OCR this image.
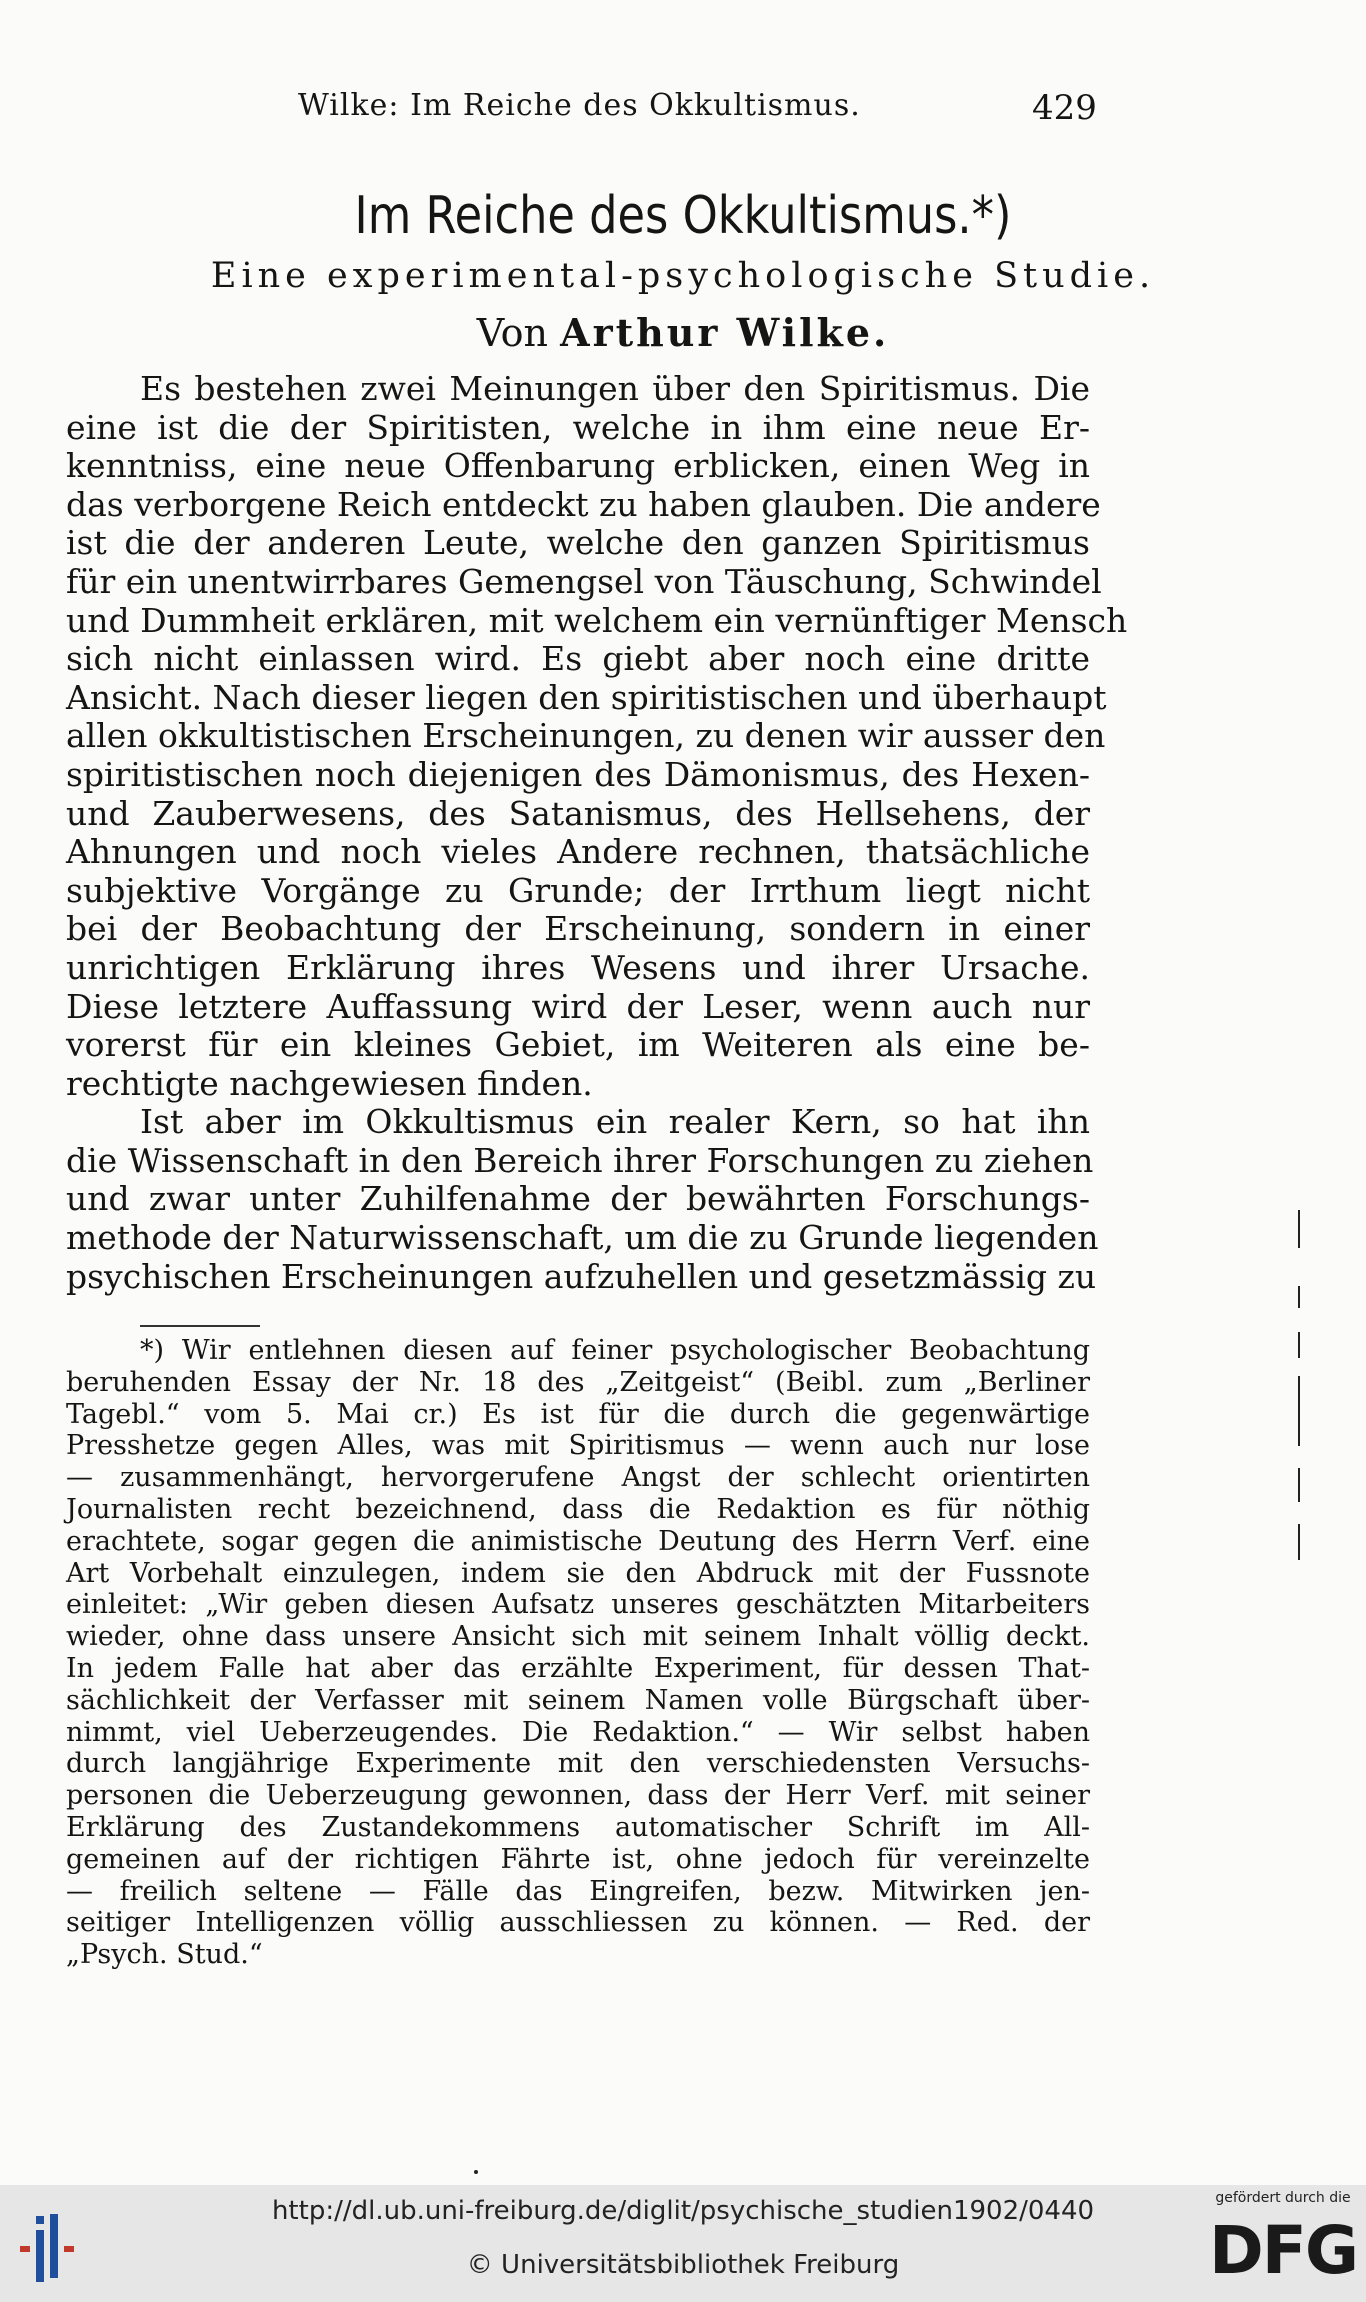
Wilke: Im Reiche des Okkultismus.	429
Im Reiche des Okkultismus.*)
Eine experimental-psychologische Studie.
Von Arthur Wilke.
Es bestehen zwei Meinungen über den Spiritismus. Die
eine ist die der Spiritisten, welche in ihm eine neue Er-
kenntniss, eine neue Offenbarung erblicken, einen Weg in
das verborgene Reich entdeckt zu haben glauben. Die andere
ist die der anderen Leute, welche den ganzen Spiritismus
für ein unentwirrbares Gemengsel von Täuschung, Schwindel
und Dummheit erklären, mit welchem ein vernünftiger Mensch
sich nicht einlassen wird. Es giebt aber noch eine dritte
Ansicht. Nach dieser liegen den spiritistischen und überhaupt
allen okkultistischen Erscheinungen, zu denen wir ausser den
spiritistischen noch diejenigen des Dämonismus, des Hexen-
und Zauberwesens, des Satanismus, des Hellsehens, der
Ahnungen und noch vieles Andere rechnen, thatsächliche
subjektive Vorgänge zu Grunde; der Irrthum liegt nicht
bei der Beobachtung der Erscheinung, sondern in einer
unrichtigen Erklärung ihres Wesens und ihrer Ursache.
Diese letztere Auffassung wird der Leser, wenn auch nur
vorerst für ein kleines Gebiet, im Weiteren als eine be-
rechtigte nachgewiesen finden.
Ist aber im Okkultismus ein realer Kern, so hat ihn
die Wissenschaft in den Bereich ihrer Forschungen zu ziehen
und zwar unter Zuhilfenahme der bewährten Forschungs-
methode der Naturwissenschaft, um die zu Grunde liegenden
psychischen Erscheinungen aufzuhellen und gesetzmässig zu
*) Wir entlehnen diesen auf feiner psychologischer Beobachtung
beruhenden Essay der Nr. 18 des „Zeitgeist“ (Beibl. zum „Berliner
Tagebl.“ vom 5. Mai cr.) Es ist für die durch die gegenwärtige
Presshetze gegen Alles, was mit Spiritismus — wenn auch nur lose
— zusammenhängt, hervorgerufene Angst der schlecht orientirten
Journalisten recht bezeichnend, dass die Redaktion es für nöthig
erachtete, sogar gegen die animistische Deutung des Herrn Verf. eine
Art Vorbehalt einzulegen, indem sie den Abdruck mit der Fussnote
einleitet: „Wir geben diesen Aufsatz unseres geschätzten Mitarbeiters
wieder, ohne dass unsere Ansicht sich mit seinem Inhalt völlig deckt.
In jedem Falle hat aber das erzählte Experiment, für dessen That-
sächlichkeit der Verfasser mit seinem Namen volle Bürgschaft über-
nimmt, viel Ueberzeugendes. Die Redaktion.“ — Wir selbst haben
durch langjährige Experimente mit den verschiedensten Versuchs-
personen die Ueberzeugung gewonnen, dass der Herr Verf. mit seiner
Erklärung des Zustandekommens automatischer Schrift im All-
gemeinen auf der richtigen Fährte ist, ohne jedoch für vereinzelte
— freilich seltene — Fälle das Eingreifen, bezw. Mitwirken jen-
seitiger Intelligenzen völlig ausschliessen zu können. — Red. der
„Psych. Stud.“
http://dl.ub.uni-freiburg.de/diglit/psychische_studien1902/0440
© Universitätsbibliothek Freiburg
gefördert durch die
DFG
